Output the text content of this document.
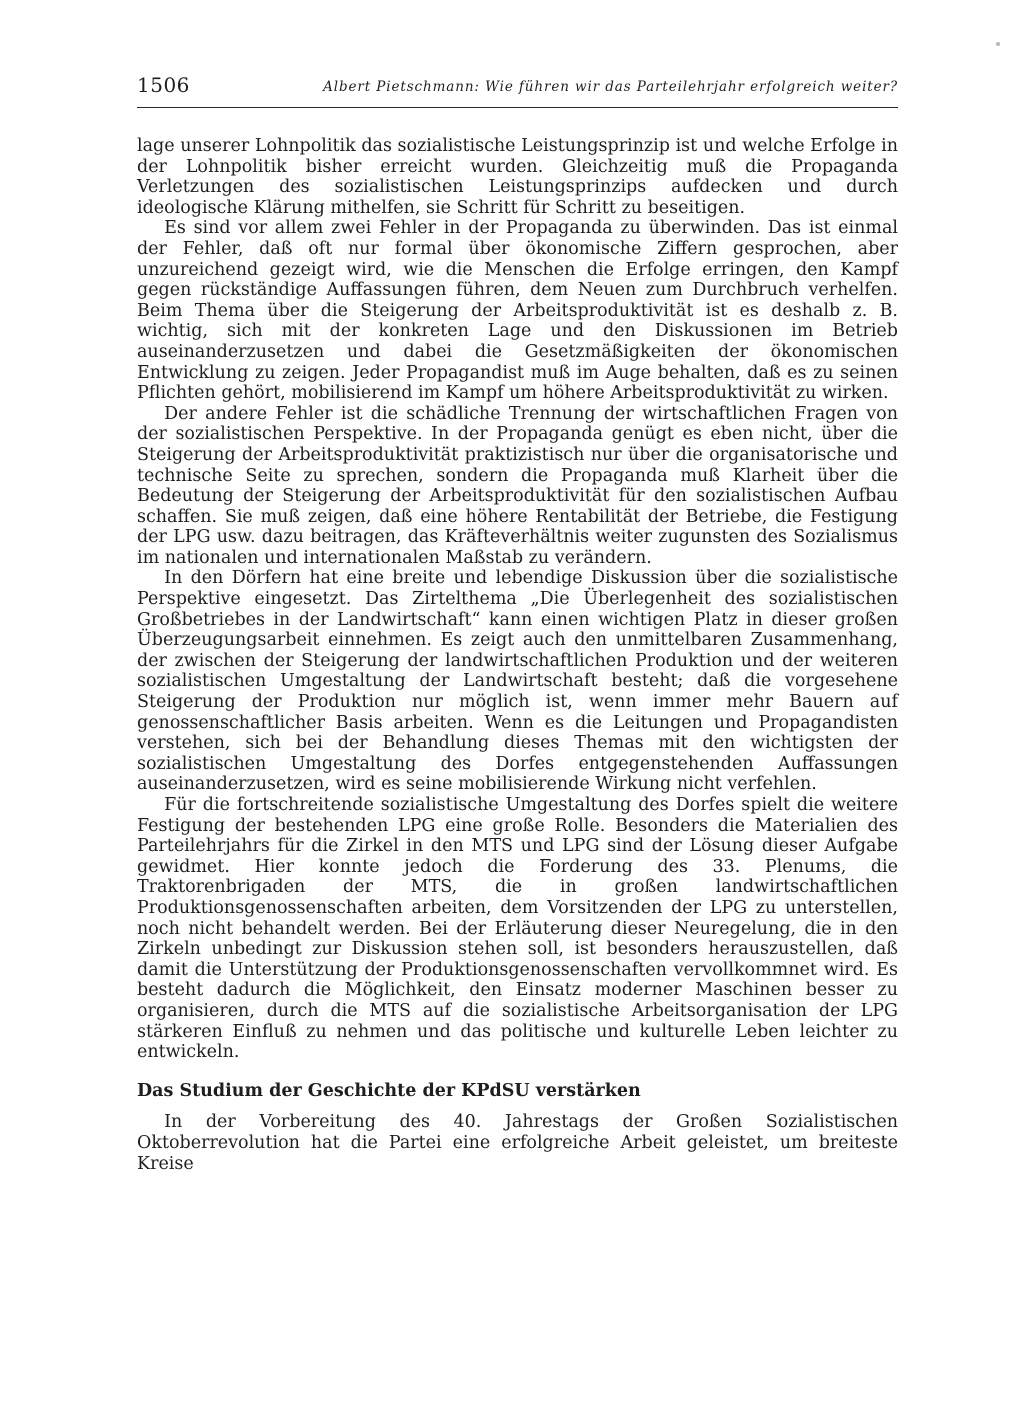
1506	Albert Pietschmann: Wie führen wir das Parteilehrjahr erfolgreich weiter?

lage unserer Lohnpolitik das sozialistische Leistungsprinzip ist und welche Erfolge in der Lohnpolitik bisher erreicht wurden. Gleichzeitig muß die Propaganda Verletzungen des sozialistischen Leistungsprinzips aufdecken und durch ideologische Klärung mithelfen, sie Schritt für Schritt zu beseitigen.

Es sind vor allem zwei Fehler in der Propaganda zu überwinden. Das ist einmal der Fehler, daß oft nur formal über ökonomische Ziffern gesprochen, aber unzureichend gezeigt wird, wie die Menschen die Erfolge erringen, den Kampf gegen rückständige Auffassungen führen, dem Neuen zum Durchbruch verhelfen. Beim Thema über die Steigerung der Arbeitsproduktivität ist es deshalb z. B. wichtig, sich mit der konkreten Lage und den Diskussionen im Betrieb auseinanderzusetzen und dabei die Gesetzmäßigkeiten der ökonomischen Entwicklung zu zeigen. Jeder Propagandist muß im Auge behalten, daß es zu seinen Pflichten gehört, mobilisierend im Kampf um höhere Arbeitsproduktivität zu wirken.

Der andere Fehler ist die schädliche Trennung der wirtschaftlichen Fragen von der sozialistischen Perspektive. In der Propaganda genügt es eben nicht, über die Steigerung der Arbeitsproduktivität praktizistisch nur über die organisatorische und technische Seite zu sprechen, sondern die Propaganda muß Klarheit über die Bedeutung der Steigerung der Arbeitsproduktivität für den sozialistischen Aufbau schaffen. Sie muß zeigen, daß eine höhere Rentabilität der Betriebe, die Festigung der LPG usw. dazu beitragen, das Kräfteverhältnis weiter zugunsten des Sozialismus im nationalen und internationalen Maßstab zu verändern.

In den Dörfern hat eine breite und lebendige Diskussion über die sozialistische Perspektive eingesetzt. Das Zirtelthema „Die Überlegenheit des sozialistischen Großbetriebes in der Landwirtschaft“ kann einen wichtigen Platz in dieser großen Überzeugungsarbeit einnehmen. Es zeigt auch den unmittelbaren Zusammenhang, der zwischen der Steigerung der landwirtschaftlichen Produktion und der weiteren sozialistischen Umgestaltung der Landwirtschaft besteht; daß die vorgesehene Steigerung der Produktion nur möglich ist, wenn immer mehr Bauern auf genossenschaftlicher Basis arbeiten. Wenn es die Leitungen und Propagandisten verstehen, sich bei der Behandlung dieses Themas mit den wichtigsten der sozialistischen Umgestaltung des Dorfes entgegenstehenden Auffassungen auseinanderzusetzen, wird es seine mobilisierende Wirkung nicht verfehlen.

Für die fortschreitende sozialistische Umgestaltung des Dorfes spielt die weitere Festigung der bestehenden LPG eine große Rolle. Besonders die Materialien des Parteilehrjahrs für die Zirkel in den MTS und LPG sind der Lösung dieser Aufgabe gewidmet. Hier konnte jedoch die Forderung des 33. Plenums, die Traktorenbrigaden der MTS, die in großen landwirtschaftlichen Produktionsgenossenschaften arbeiten, dem Vorsitzenden der LPG zu unterstellen, noch nicht behandelt werden. Bei der Erläuterung dieser Neuregelung, die in den Zirkeln unbedingt zur Diskussion stehen soll, ist besonders herauszustellen, daß damit die Unterstützung der Produktionsgenossenschaften vervollkommnet wird. Es besteht dadurch die Möglichkeit, den Einsatz moderner Maschinen besser zu organisieren, durch die MTS auf die sozialistische Arbeitsorganisation der LPG stärkeren Einfluß zu nehmen und das politische und kulturelle Leben leichter zu entwickeln.

Das Studium der Geschichte der KPdSU verstärken

In der Vorbereitung des 40. Jahrestags der Großen Sozialistischen Oktoberrevolution hat die Partei eine erfolgreiche Arbeit geleistet, um breiteste Kreise
